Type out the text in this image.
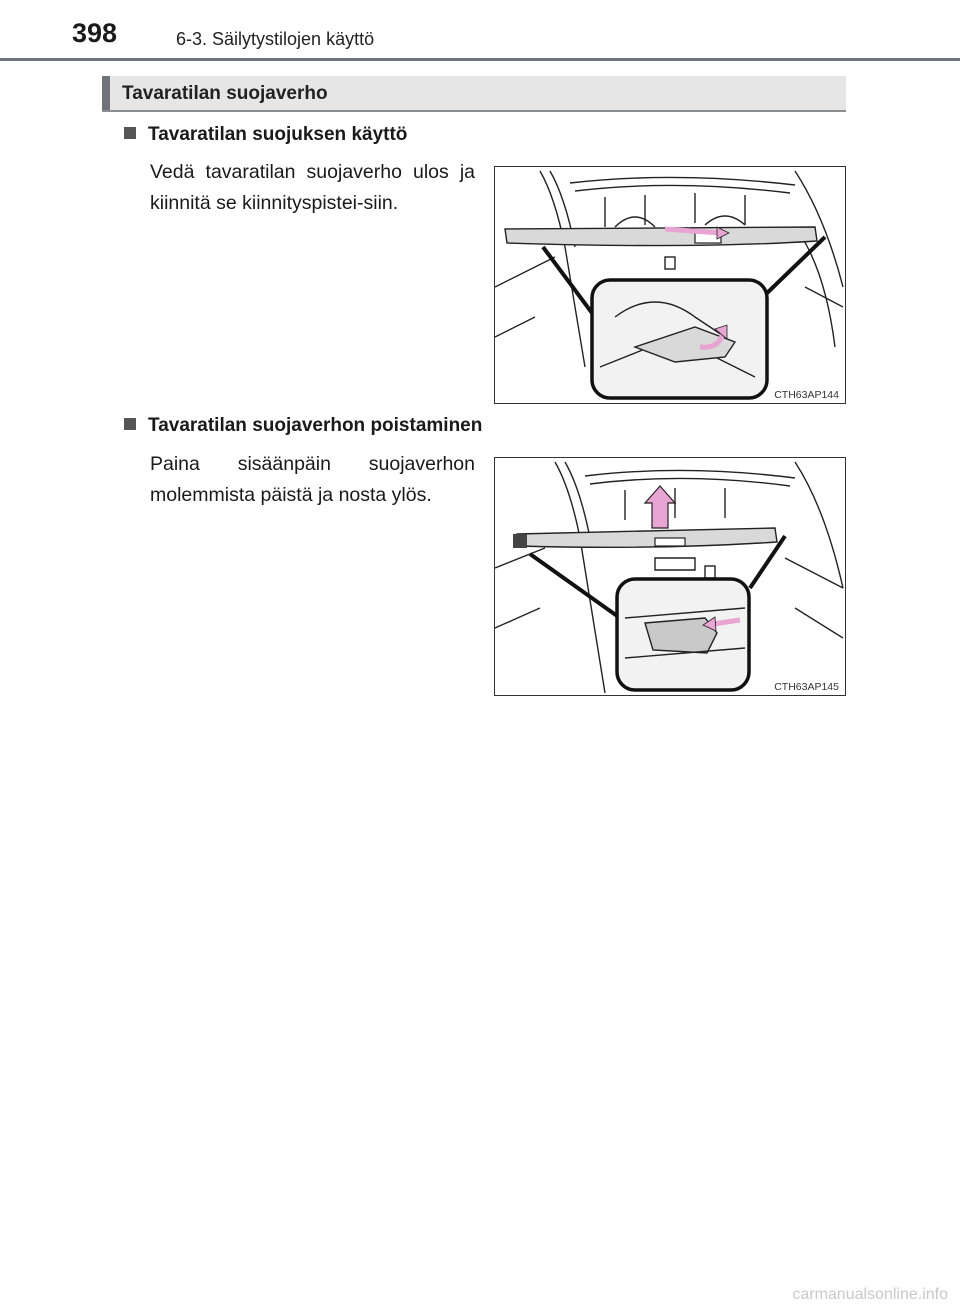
398	6-3. Säilytystilojen käyttö
Tavaratilan suojaverho
Tavaratilan suojuksen käyttö
Vedä tavaratilan suojaverho ulos ja kiinnitä se kiinnityspistei-siin.
CTH63AP144
Tavaratilan suojaverhon poistaminen
Paina sisäänpäin suojaverhon molemmista päistä ja nosta ylös.
CTH63AP145
carmanualsonline.info
